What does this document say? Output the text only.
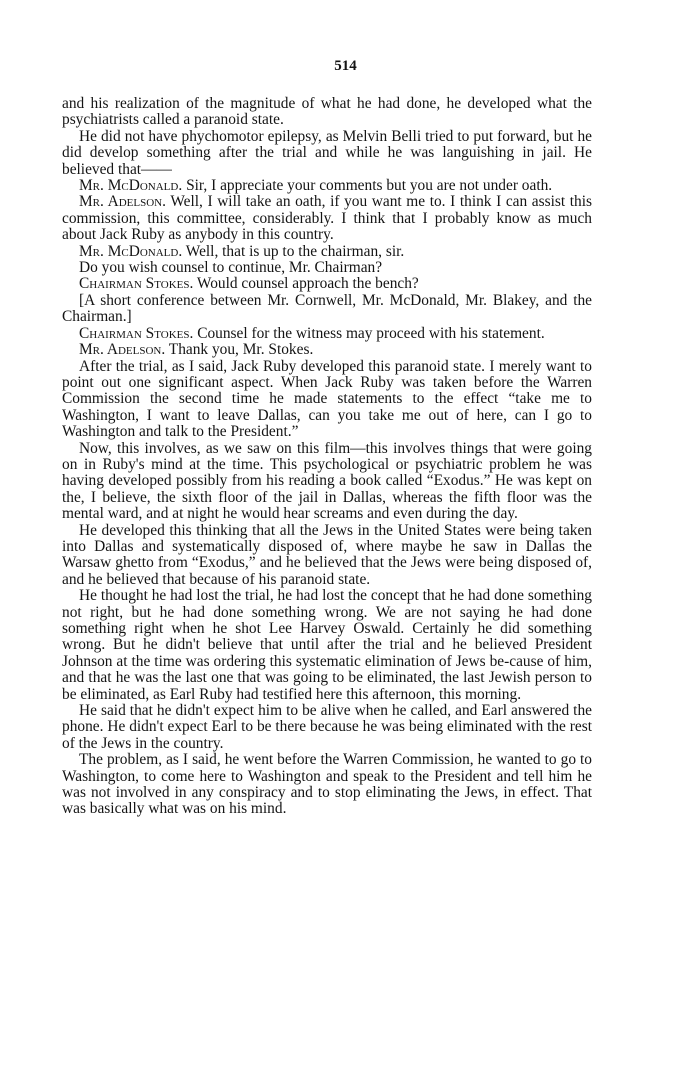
514

and his realization of the magnitude of what he had done, he developed what the psychiatrists called a paranoid state.

He did not have phychomotor epilepsy, as Melvin Belli tried to put forward, but he did develop something after the trial and while he was languishing in jail. He believed that——

Mr. McDonald. Sir, I appreciate your comments but you are not under oath.

Mr. Adelson. Well, I will take an oath, if you want me to. I think I can assist this commission, this committee, considerably. I think that I probably know as much about Jack Ruby as anybody in this country.

Mr. McDonald. Well, that is up to the chairman, sir.

Do you wish counsel to continue, Mr. Chairman?

Chairman Stokes. Would counsel approach the bench?

[A short conference between Mr. Cornwell, Mr. McDonald, Mr. Blakey, and the Chairman.]

Chairman Stokes. Counsel for the witness may proceed with his statement.

Mr. Adelson. Thank you, Mr. Stokes.

After the trial, as I said, Jack Ruby developed this paranoid state. I merely want to point out one significant aspect. When Jack Ruby was taken before the Warren Commission the second time he made statements to the effect “take me to Washington, I want to leave Dallas, can you take me out of here, can I go to Washington and talk to the President.”

Now, this involves, as we saw on this film—this involves things that were going on in Ruby's mind at the time. This psychological or psychiatric problem he was having developed possibly from his reading a book called “Exodus.” He was kept on the, I believe, the sixth floor of the jail in Dallas, whereas the fifth floor was the mental ward, and at night he would hear screams and even during the day.

He developed this thinking that all the Jews in the United States were being taken into Dallas and systematically disposed of, where maybe he saw in Dallas the Warsaw ghetto from “Exodus,” and he believed that the Jews were being disposed of, and he believed that because of his paranoid state.

He thought he had lost the trial, he had lost the concept that he had done something not right, but he had done something wrong. We are not saying he had done something right when he shot Lee Harvey Oswald. Certainly he did something wrong. But he didn't believe that until after the trial and he believed President Johnson at the time was ordering this systematic elimination of Jews be-cause of him, and that he was the last one that was going to be eliminated, the last Jewish person to be eliminated, as Earl Ruby had testified here this afternoon, this morning.

He said that he didn't expect him to be alive when he called, and Earl answered the phone. He didn't expect Earl to be there because he was being eliminated with the rest of the Jews in the country.

The problem, as I said, he went before the Warren Commission, he wanted to go to Washington, to come here to Washington and speak to the President and tell him he was not involved in any conspiracy and to stop eliminating the Jews, in effect. That was basically what was on his mind.
